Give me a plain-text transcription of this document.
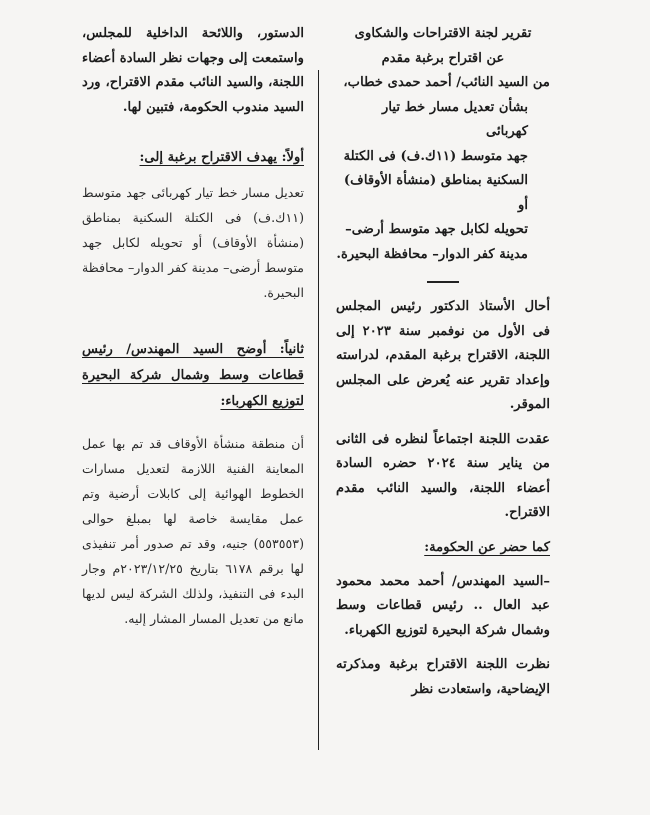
تقرير لجنة الاقتراحات والشكاوى

عن اقتراح برغبة مقدم

من السيد النائب/ أحمد حمدى خطاب،

بشأن تعديل مسار خط تيار كهربائى

جهد متوسط (١١ك.ف) فى الكتلة

السكنية بمناطق (منشأة الأوقاف) أو

تحويله لكابل جهد متوسط أرضى–

مدينة كفر الدوار– محافظة البحيرة.

أحال الأستاذ الدكتور رئيس المجلس فى الأول من نوفمبر سنة ٢٠٢٣ إلى اللجنة، الاقتراح برغبة المقدم، لدراسته وإعداد تقرير عنه يُعرض على المجلس الموقر.

عقدت اللجنة اجتماعاً لنظره فى الثانى من يناير سنة ٢٠٢٤ حضره السادة أعضاء اللجنة، والسيد النائب مقدم الاقتراح.

كما حضر عن الحكومة:

–السيد المهندس/ أحمد محمد محمود عبد العال .. رئيس قطاعات وسط وشمال شركة البحيرة لتوزيع الكهرباء.

نظرت اللجنة الاقتراح برغبة ومذكرته الإيضاحية، واستعادت نظر

الدستور، واللائحة الداخلية للمجلس، واستمعت إلى وجهات نظر السادة أعضاء اللجنة، والسيد النائب مقدم الاقتراح، ورد السيد مندوب الحكومة، فتبين لها.

أولاً: يهدف الاقتراح برغبة إلى:

تعديل مسار خط تيار كهربائى جهد متوسط (١١ك.ف) فى الكتلة السكنية بمناطق (منشأة الأوقاف) أو تحويله لكابل جهد متوسط أرضى– مدينة كفر الدوار– محافظة البحيرة.

ثانياً: أوضح السيد المهندس/ رئيس قطاعات وسط وشمال شركة البحيرة لتوزيع الكهرباء:

أن منطقة منشأة الأوقاف قد تم بها عمل المعاينة الفنية اللازمة لتعديل مسارات الخطوط الهوائية إلى كابلات أرضية وتم عمل مقايسة خاصة لها بمبلغ حوالى (٥٥٣٥٥٣) جنيه، وقد تم صدور أمر تنفيذى لها برقم ٦١٧٨ بتاريخ ٢٠٢٣/١٢/٢٥م وجار البدء فى التنفيذ، ولذلك الشركة ليس لديها مانع من تعديل المسار المشار إليه.
